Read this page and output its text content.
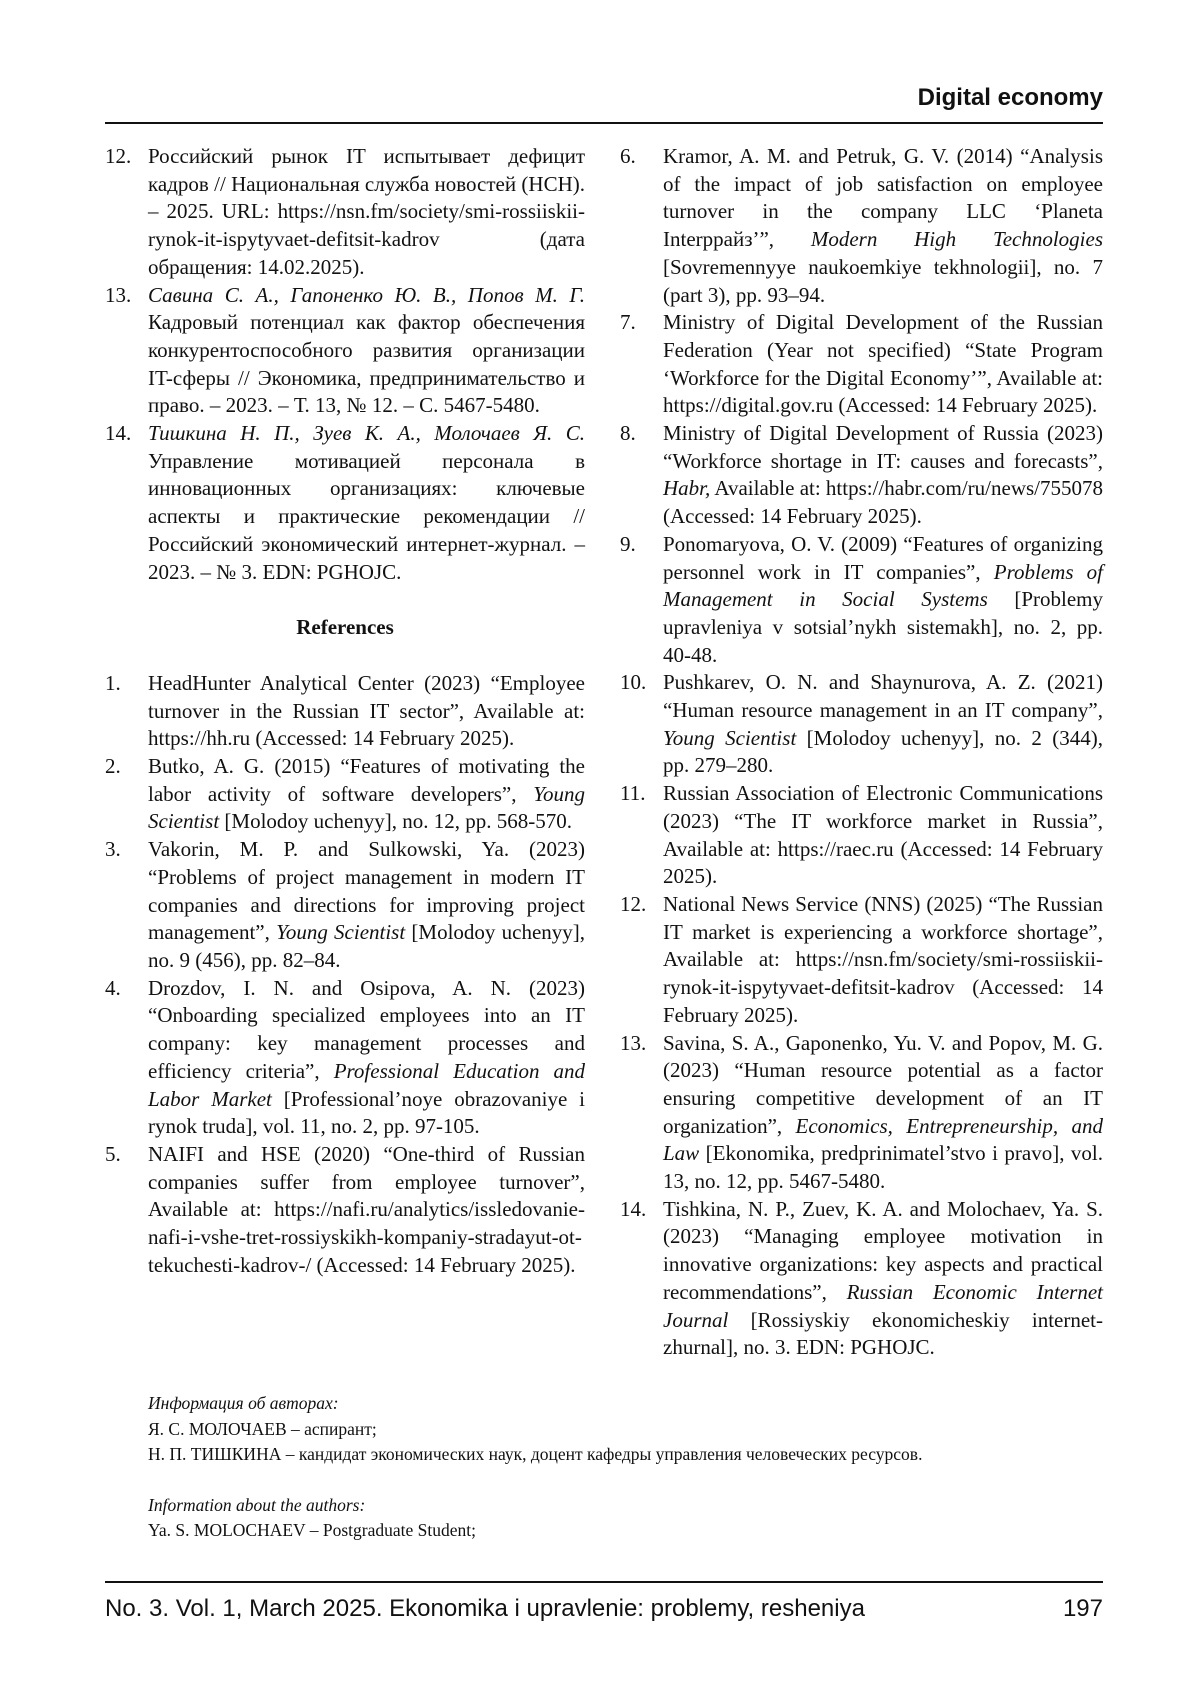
Digital economy
12. Российский рынок IT испытывает дефицит кадров // Национальная служба новостей (НСН). – 2025. URL: https://nsn.fm/society/smi-rossiiskii-rynok-it-ispytyvaet-defitsit-kadrov (дата обращения: 14.02.2025).
13. Савина С. А., Гапоненко Ю. В., Попов М. Г. Кадровый потенциал как фактор обеспечения конкурентоспособного развития организации IT-сферы // Экономика, предпринимательство и право. – 2023. – Т. 13, № 12. – С. 5467-5480.
14. Тишкина Н. П., Зуев К. А., Молочаев Я. С. Управление мотивацией персонала в инновационных организациях: ключевые аспекты и практические рекомендации // Российский экономический интернет-журнал. – 2023. – № 3. EDN: PGHOJC.
References
1.	HeadHunter Analytical Center (2023) “Employee turnover in the Russian IT sector”, Available at: https://hh.ru (Accessed: 14 February 2025).
2.	Butko, A. G. (2015) “Features of motivating the labor activity of software developers”, Young Scientist [Molodoy uchenyy], no. 12, pp. 568-570.
3.	Vakorin, M. P. and Sulkowski, Ya. (2023) “Problems of project management in modern IT companies and directions for improving project management”, Young Scientist [Molodoy uchenyy], no. 9 (456), pp. 82–84.
4.	Drozdov, I. N. and Osipova, A. N. (2023) “Onboarding specialized employees into an IT company: key management processes and efficiency criteria”, Professional Education and Labor Market [Professional’noye obrazovaniye i rynok truda], vol. 11, no. 2, pp. 97-105.
5.	NAIFI and HSE (2020) “One-third of Russian companies suffer from employee turnover”, Available at: https://nafi.ru/analytics/issledovanie-nafi-i-vshe-tret-rossiyskikh-kompaniy-stradayut-ot-tekuchesti-kadrov-/ (Accessed: 14 February 2025).
6.	Kramor, A. M. and Petruk, G. V. (2014) “Analysis of the impact of job satisfaction on employee turnover in the company LLC ‘Planeta Interрpайз’”, Modern High Technologies [Sovremennyye naukoemkiye tekhnologii], no. 7 (part 3), pp. 93–94.
7.	Ministry of Digital Development of the Russian Federation (Year not specified) “State Program ‘Workforce for the Digital Economy’”, Available at: https://digital.gov.ru (Accessed: 14 February 2025).
8.	Ministry of Digital Development of Russia (2023) “Workforce shortage in IT: causes and forecasts”, Habr, Available at: https://habr.com/ru/news/755078 (Accessed: 14 February 2025).
9.	Ponomaryova, O. V. (2009) “Features of organizing personnel work in IT companies”, Problems of Management in Social Systems [Problemy upravleniya v sotsial’nykh sistemakh], no. 2, pp. 40-48.
10. Pushkarev, O. N. and Shaynurova, A. Z. (2021) “Human resource management in an IT company”, Young Scientist [Molodoy uchenyy], no. 2 (344), pp. 279–280.
11. Russian Association of Electronic Communications (2023) “The IT workforce market in Russia”, Available at: https://raec.ru (Accessed: 14 February 2025).
12. National News Service (NNS) (2025) “The Russian IT market is experiencing a workforce shortage”, Available at: https://nsn.fm/society/smi-rossiiskii-rynok-it-ispytyvaet-defitsit-kadrov (Accessed: 14 February 2025).
13. Savina, S. A., Gaponenko, Yu. V. and Popov, M. G. (2023) “Human resource potential as a factor ensuring competitive development of an IT organization”, Economics, Entrepreneurship, and Law [Ekonomika, predprinimatel’stvo i pravo], vol. 13, no. 12, pp. 5467-5480.
14. Tishkina, N. P., Zuev, K. A. and Molochaev, Ya. S. (2023) “Managing employee motivation in innovative organizations: key aspects and practical recommendations”, Russian Economic Internet Journal [Rossiyskiy ekonomicheskiy internet-zhurnal], no. 3. EDN: PGHOJC.
Информация об авторах:
Я. С. МОЛОЧАЕВ – аспирант;
Н. П. ТИШКИНА – кандидат экономических наук, доцент кафедры управления человеческих ресурсов.
Information about the authors:
Ya. S. MOLOCHAEV – Postgraduate Student;
No. 3. Vol. 1, March 2025. Ekonomika i upravlenie: problemy, resheniya	197
